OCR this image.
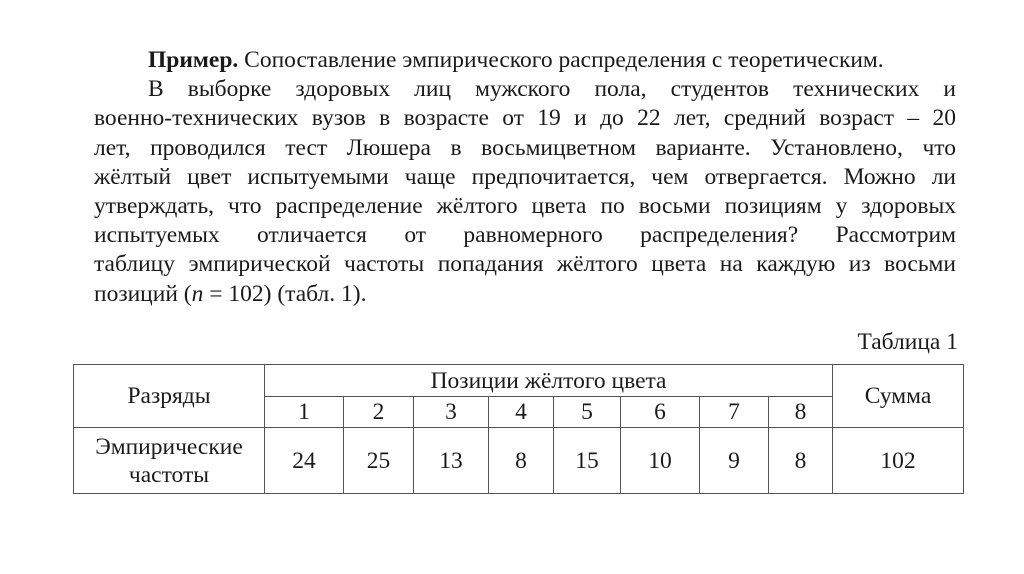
Пример. Сопоставление эмпирического распределения с теоретическим.
В выборке здоровых лиц мужского пола, студентов технических и
военно-технических вузов в возрасте от 19 и до 22 лет, средний возраст – 20
лет, проводился тест Люшера в восьмицветном варианте. Установлено, что
жёлтый цвет испытуемыми чаще предпочитается, чем отвергается. Можно ли
утверждать, что распределение жёлтого цвета по восьми позициям у здоровых
испытуемых отличается от равномерного распределения? Рассмотрим
таблицу эмпирической частоты попадания жёлтого цвета на каждую из восьми
позиций (n = 102) (табл. 1).
Таблица 1
Разряды	Позиции жёлтого цвета								Сумма
	1	2	3	4	5	6	7	8	
Эмпирические
частоты	24	25	13	8	15	10	9	8	102
